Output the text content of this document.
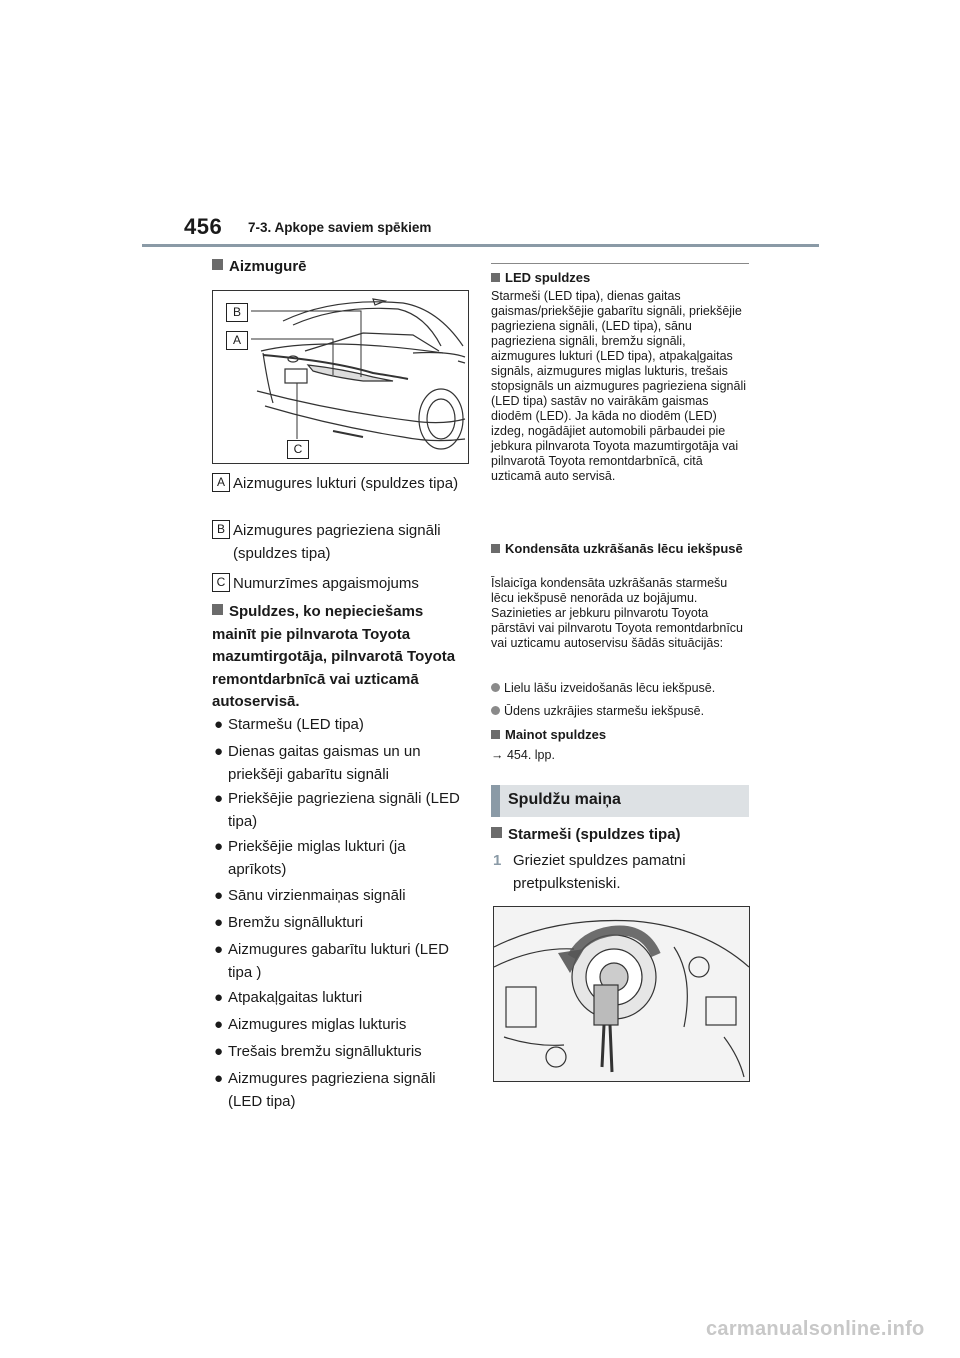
456 7-3. Apkope saviem spēkiem
Aizmugurē
B
A
C
A Aizmugures lukturi (spuldzes tipa)
B Aizmugures pagrieziena signāli (spuldzes tipa)
C Numurzīmes apgaismojums
Spuldzes, ko nepieciešams mainīt pie pilnvarota Toyota mazumtirgotāja, pilnvarotā Toyota remontdarbnīcā vai uzticamā autoservisā.
● Starmešu (LED tipa)
● Dienas gaitas gaismas un un priekšēji gabarītu signāli
● Priekšējie pagrieziena signāli (LED tipa)
● Priekšējie miglas lukturi (ja aprīkots)
● Sānu virzienmaiņas signāli
● Bremžu signāllukturi
● Aizmugures gabarītu lukturi (LED tipa )
● Atpakaļgaitas lukturi
● Aizmugures miglas lukturis
● Trešais bremžu signāllukturis
● Aizmugures pagrieziena signāli (LED tipa)
LED spuldzes
Starmeši (LED tipa), dienas gaitas gaismas/priekšējie gabarītu signāli, priekšējie pagrieziena signāli, (LED tipa), sānu pagrieziena signāli, bremžu signāli, aizmugures lukturi (LED tipa), atpakaļgaitas signāls, aizmugures miglas lukturis, trešais stopsignāls un aizmugures pagrieziena signāli (LED tipa) sastāv no vairākām gaismas diodēm (LED). Ja kāda no diodēm (LED) izdeg, nogādājiet automobili pārbaudei pie jebkura pilnvarota Toyota mazumtirgotāja vai pilnvarotā Toyota remontdarbnīcā, citā uzticamā auto servisā.
Kondensāta uzkrāšanās lēcu iekšpusē
Īslaicīga kondensāta uzkrāšanās starmešu lēcu iekšpusē nenorāda uz bojājumu. Sazinieties ar jebkuru pilnvarotu Toyota pārstāvi vai pilnvarotu Toyota remontdarbnīcu vai uzticamu autoservisu šādās situācijās:
Lielu lāšu izveidošanās lēcu iekšpusē.
Ūdens uzkrājies starmešu iekšpusē.
Mainot spuldzes
→ 454. lpp.
Spuldžu maiņa
Starmeši (spuldzes tipa)
1 Grieziet spuldzes pamatni pretpulksteniski.
carmanualsonline.info
